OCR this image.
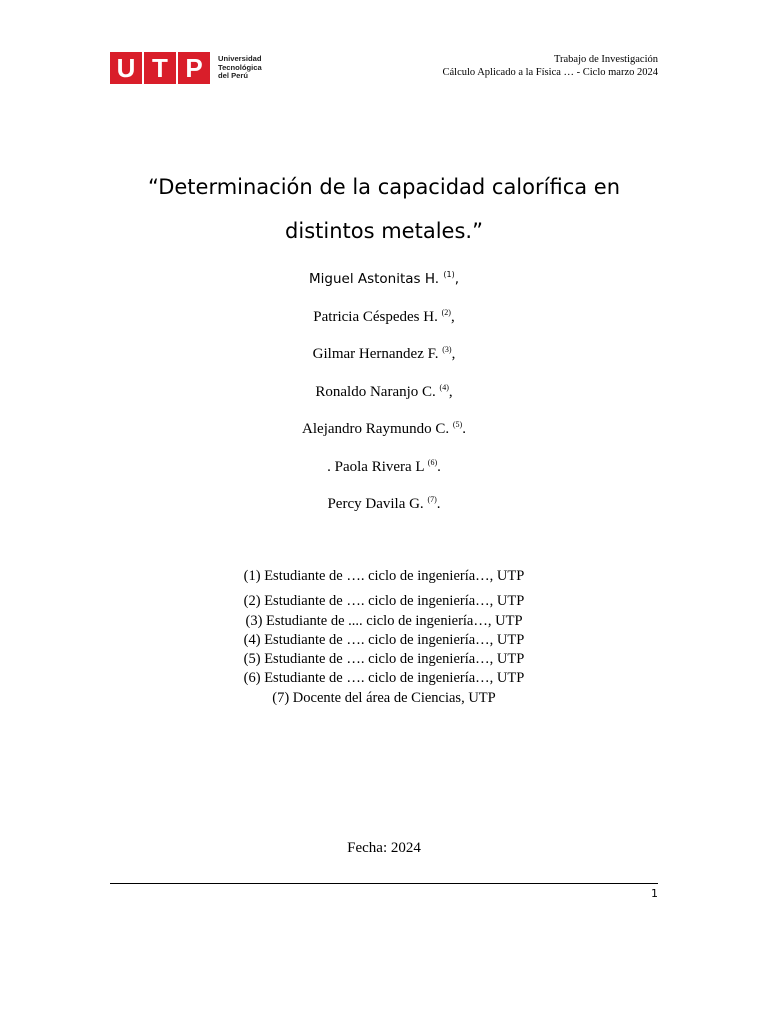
U T P	Universidad
Tecnológica
del Perú
Trabajo de Investigación
Cálculo Aplicado a la Física … - Ciclo marzo 2024
“Determinación de la capacidad calorífica en
distintos metales.”
Miguel Astonitas H. $^{(1)}$,
Patricia Céspedes H. $^{(2)}$,
Gilmar Hernandez F. $^{(3)}$,
Ronaldo Naranjo C. $^{(4)}$,
Alejandro Raymundo C. $^{(5)}$.
. Paola Rivera L $^{(6)}$.
Percy Davila G. $^{(7)}$.
(1) Estudiante de …. ciclo de ingeniería…, UTP
(2) Estudiante de …. ciclo de ingeniería…, UTP
(3) Estudiante de .... ciclo de ingeniería…, UTP
(4) Estudiante de …. ciclo de ingeniería…, UTP
(5) Estudiante de …. ciclo de ingeniería…, UTP
(6) Estudiante de …. ciclo de ingeniería…, UTP
(7) Docente del área de Ciencias, UTP
Fecha: 2024
1
